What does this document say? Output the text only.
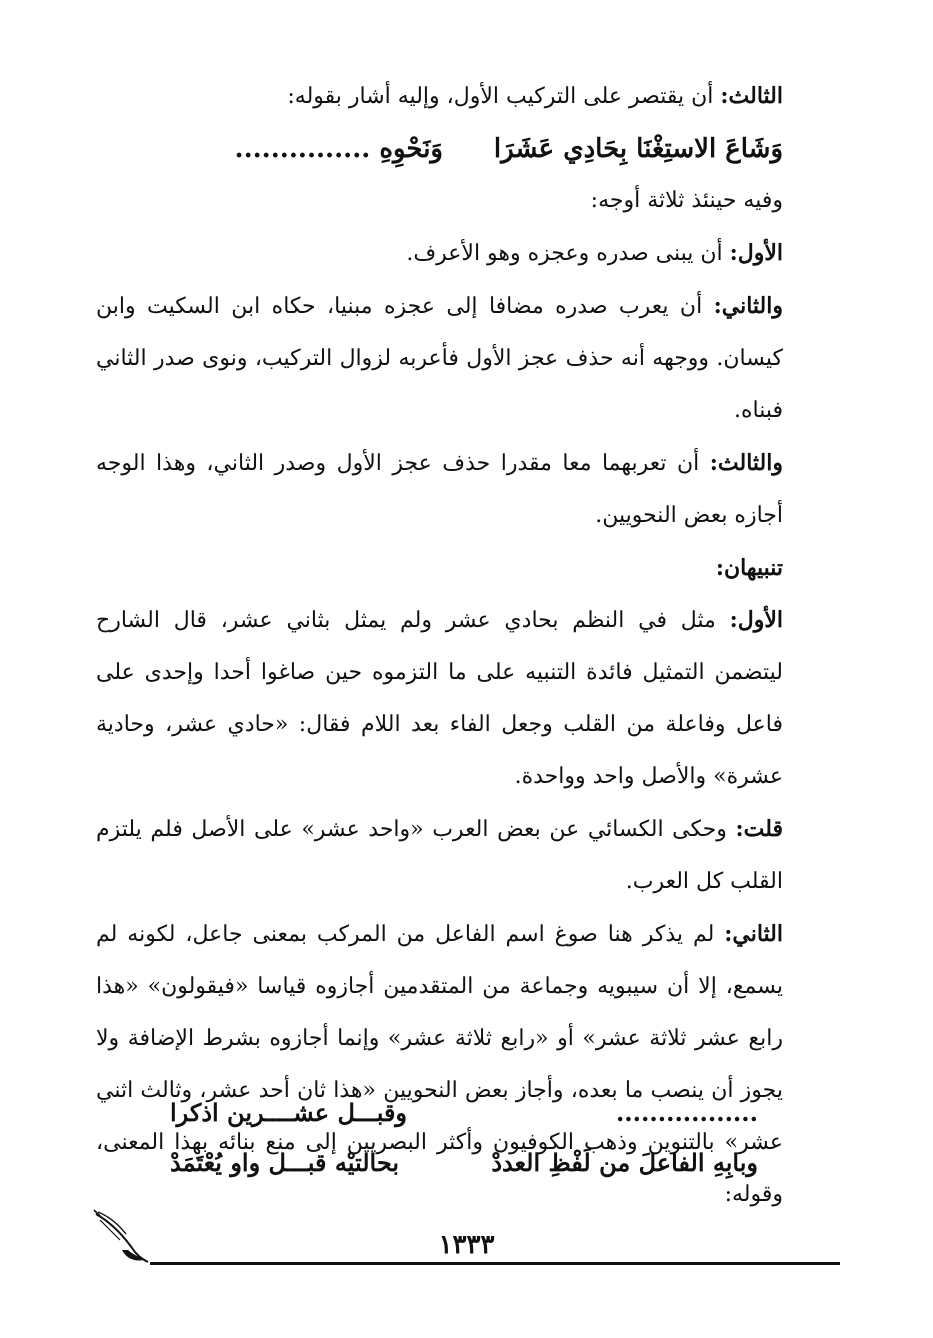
الثالث: أن يقتصر على التركيب الأول، وإليه أشار بقوله:

وَشَاعَ الاستِغْنَا بِحَادِي عَشَرَا
وَنَحْوِهِ ...............

وفيه حينئذ ثلاثة أوجه:

الأول: أن يبنى صدره وعجزه وهو الأعرف.

والثاني: أن يعرب صدره مضافا إلى عجزه مبنيا، حكاه ابن السكيت وابن كيسان. ووجهه أنه حذف عجز الأول فأعربه لزوال التركيب، ونوى صدر الثاني فبناه.

والثالث: أن تعربهما معا مقدرا حذف عجز الأول وصدر الثاني، وهذا الوجه أجازه بعض النحويين.

تنبيهان:

الأول: مثل في النظم بحادي عشر ولم يمثل بثاني عشر، قال الشارح ليتضمن التمثيل فائدة التنبيه على ما التزموه حين صاغوا أحدا وإحدى على فاعل وفاعلة من القلب وجعل الفاء بعد اللام فقال: «حادي عشر، وحادية عشرة» والأصل واحد وواحدة.

قلت: وحكى الكسائي عن بعض العرب «واحد عشر» على الأصل فلم يلتزم القلب كل العرب.

الثاني: لم يذكر هنا صوغ اسم الفاعل من المركب بمعنى جاعل، لكونه لم يسمع، إلا أن سيبويه وجماعة من المتقدمين أجازوه قياسا «فيقولون» «هذا رابع عشر ثلاثة عشر» أو «رابع ثلاثة عشر» وإنما أجازوه بشرط الإضافة ولا يجوز أن ينصب ما بعده، وأجاز بعض النحويين «هذا ثان أحد عشر، وثالث اثني عشر» بالتنوين وذهب الكوفيون وأكثر البصريين إلى منع بنائه بهذا المعنى، وقوله:

.................
وقبـــل عشــــرين اذكرا
وبابِهِ الفاعلَ من لَفْظِ العددْ
بحالتيْه قبـــل واو يُعْتَمَدْ
١٣٣٣
